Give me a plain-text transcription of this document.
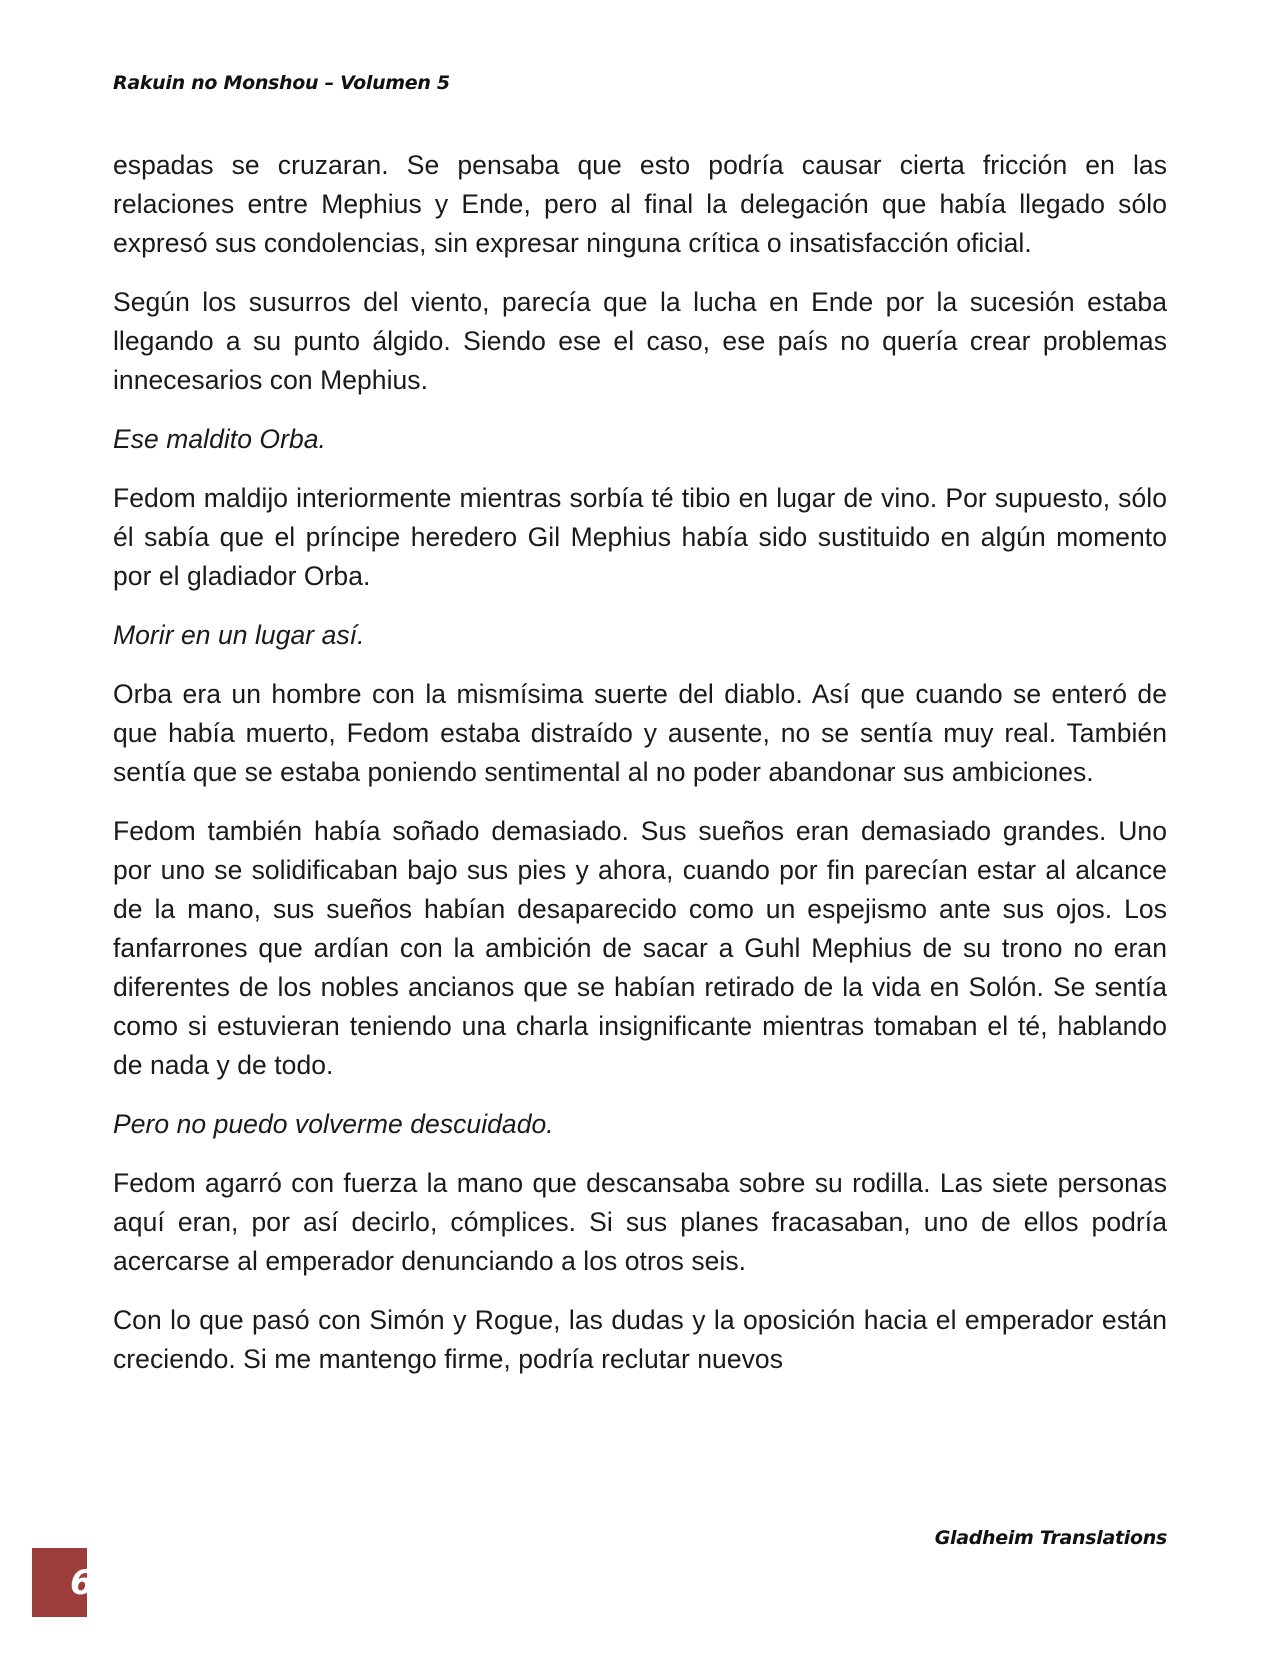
Rakuin no Monshou – Volumen 5

espadas se cruzaran. Se pensaba que esto podría causar cierta fricción en las relaciones entre Mephius y Ende, pero al final la delegación que había llegado sólo expresó sus condolencias, sin expresar ninguna crítica o insatisfacción oficial.

Según los susurros del viento, parecía que la lucha en Ende por la sucesión estaba llegando a su punto álgido. Siendo ese el caso, ese país no quería crear problemas innecesarios con Mephius.

Ese maldito Orba.

Fedom maldijo interiormente mientras sorbía té tibio en lugar de vino. Por supuesto, sólo él sabía que el príncipe heredero Gil Mephius había sido sustituido en algún momento por el gladiador Orba.

Morir en un lugar así.

Orba era un hombre con la mismísima suerte del diablo. Así que cuando se enteró de que había muerto, Fedom estaba distraído y ausente, no se sentía muy real. También sentía que se estaba poniendo sentimental al no poder abandonar sus ambiciones.

Fedom también había soñado demasiado. Sus sueños eran demasiado grandes. Uno por uno se solidificaban bajo sus pies y ahora, cuando por fin parecían estar al alcance de la mano, sus sueños habían desaparecido como un espejismo ante sus ojos. Los fanfarrones que ardían con la ambición de sacar a Guhl Mephius de su trono no eran diferentes de los nobles ancianos que se habían retirado de la vida en Solón. Se sentía como si estuvieran teniendo una charla insignificante mientras tomaban el té, hablando de nada y de todo.

Pero no puedo volverme descuidado.

Fedom agarró con fuerza la mano que descansaba sobre su rodilla. Las siete personas aquí eran, por así decirlo, cómplices. Si sus planes fracasaban, uno de ellos podría acercarse al emperador denunciando a los otros seis.

Con lo que pasó con Simón y Rogue, las dudas y la oposición hacia el emperador están creciendo. Si me mantengo firme, podría reclutar nuevos

Gladheim Translations
6
